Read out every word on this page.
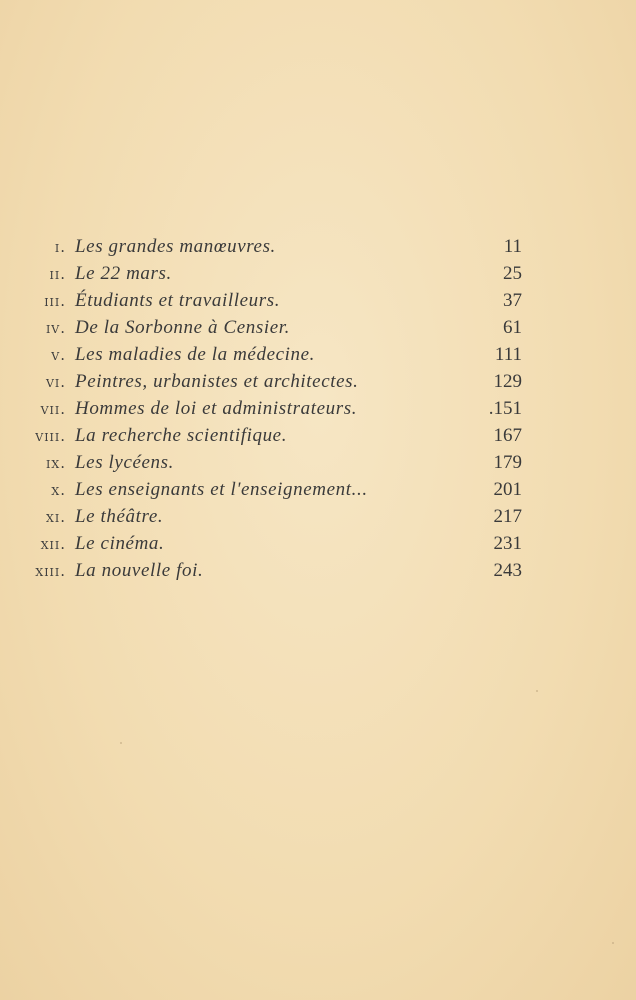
i. Les grandes manœuvres.	11
ii. Le 22 mars.	25
iii. Étudiants et travailleurs.	37
iv. De la Sorbonne à Censier.	61
v. Les maladies de la médecine.	111
vi. Peintres, urbanistes et architectes.	129
vii. Hommes de loi et administrateurs.	.151
viii. La recherche scientifique.	167
ix. Les lycéens.	179
x. Les enseignants et l'enseignement...	201
xi. Le théâtre.	217
xii. Le cinéma.	231
xiii. La nouvelle foi.	243
